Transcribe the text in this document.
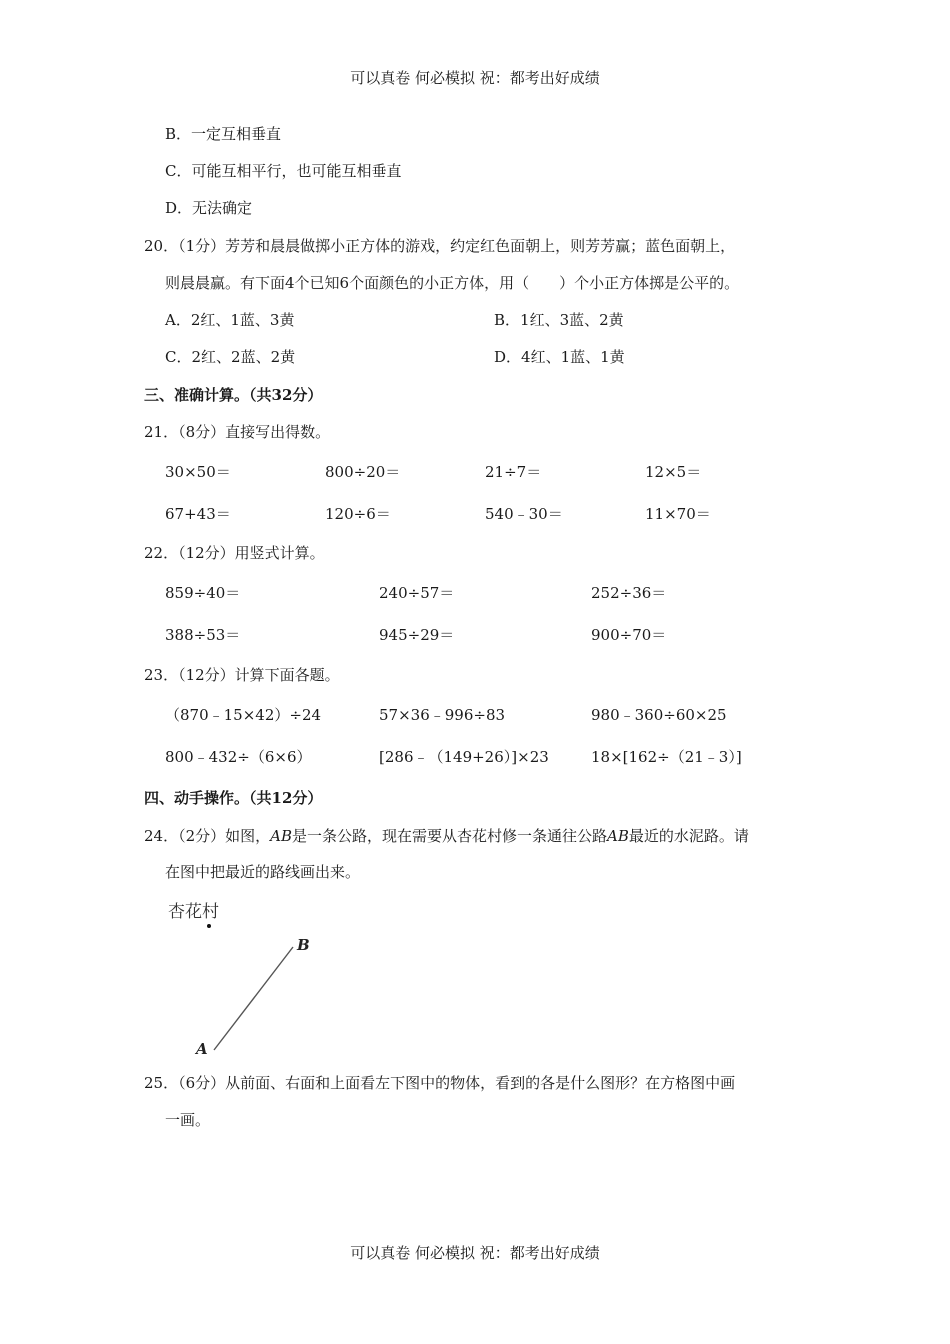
可以真卷 何必模拟 祝：都考出好成绩
B．一定互相垂直
C．可能互相平行，也可能互相垂直
D．无法确定
20．（1分）芳芳和晨晨做掷小正方体的游戏，约定红色面朝上，则芳芳赢；蓝色面朝上，
则晨晨赢。有下面4个已知6个面颜色的小正方体，用（　　）个小正方体掷是公平的。
A．2红、1蓝、3黄	B．1红、3蓝、2黄
C．2红、2蓝、2黄	D．4红、1蓝、1黄
三、准确计算。（共32分）
21．（8分）直接写出得数。
30×50＝	800÷20＝	21÷7＝	12×5＝
67+43＝	120÷6＝	540﹣30＝	11×70＝
22．（12分）用竖式计算。
859÷40＝	240÷57＝	252÷36＝
388÷53＝	945÷29＝	900÷70＝
23．（12分）计算下面各题。
（870﹣15×42）÷24	57×36﹣996÷83	980﹣360÷60×25
800﹣432÷（6×6）	[286﹣（149+26）]×23	18×[162÷（21﹣3）]
四、动手操作。（共12分）
24．（2分）如图，AB是一条公路，现在需要从杏花村修一条通往公路AB最近的水泥路。请
在图中把最近的路线画出来。
杏花村
B
A
25．（6分）从前面、右面和上面看左下图中的物体，看到的各是什么图形？在方格图中画
一画。
可以真卷 何必模拟 祝：都考出好成绩
